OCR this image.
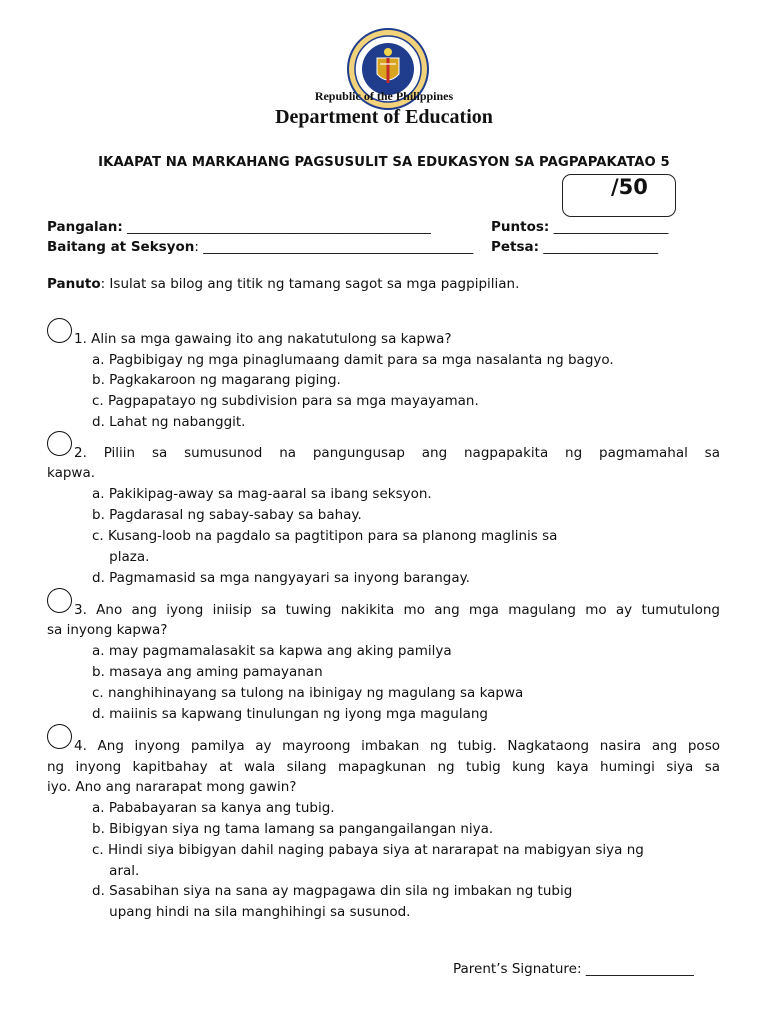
Republic of the Philippines
Department of Education
IKAAPAT NA MARKAHANG PAGSUSULIT SA EDUKASYON SA PAGPAPAKATAO 5
/50
Pangalan: _____________________________________________	Puntos: _________________
Baitang at Seksyon: ________________________________________ Petsa: _________________
Panuto: Isulat sa bilog ang titik ng tamang sagot sa mga pagpipilian.
1. Alin sa mga gawaing ito ang nakatutulong sa kapwa?
a. Pagbibigay ng mga pinaglumaang damit para sa mga nasalanta ng bagyo.
b. Pagkakaroon ng magarang piging.
c. Pagpapatayo ng subdivision para sa mga mayayaman.
d. Lahat ng nabanggit.
2. Piliin sa sumusunod na pangungusap ang nagpapakita ng pagmamahal sa
kapwa.
a. Pakikipag-away sa mag-aaral sa ibang seksyon.
b. Pagdarasal ng sabay-sabay sa bahay.
c. Kusang-loob na pagdalo sa pagtitipon para sa planong maglinis sa
plaza.
d. Pagmamasid sa mga nangyayari sa inyong barangay.
3. Ano ang iyong iniisip sa tuwing nakikita mo ang mga magulang mo ay tumutulong
sa inyong kapwa?
a. may pagmamalasakit sa kapwa ang aking pamilya
b. masaya ang aming pamayanan
c. nanghihinayang sa tulong na ibinigay ng magulang sa kapwa
d. maiinis sa kapwang tinulungan ng iyong mga magulang
4. Ang inyong pamilya ay mayroong imbakan ng tubig. Nagkataong nasira ang poso
ng inyong kapitbahay at wala silang mapagkunan ng tubig kung kaya humingi siya sa
iyo. Ano ang nararapat mong gawin?
a. Pababayaran sa kanya ang tubig.
b. Bibigyan siya ng tama lamang sa pangangailangan niya.
c. Hindi siya bibigyan dahil naging pabaya siya at nararapat na mabigyan siya ng
aral.
d. Sasabihan siya na sana ay magpagawa din sila ng imbakan ng tubig
upang hindi na sila manghihingi sa susunod.
Parent’s Signature: ________________
